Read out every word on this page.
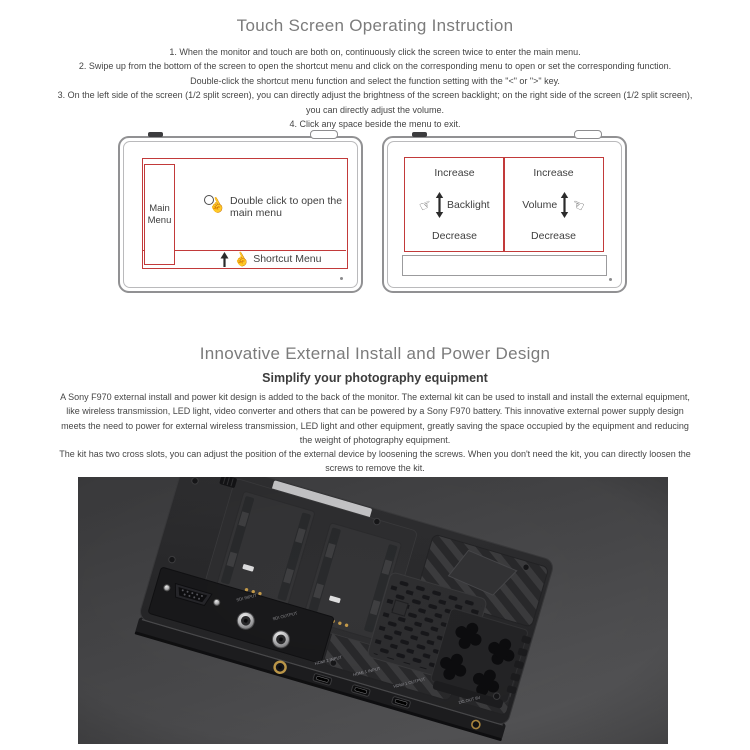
Touch Screen Operating Instruction
1. When the monitor and touch are both on, continuously click the screen twice to enter the main menu.
2. Swipe up from the bottom of the screen to open the shortcut menu and click on the corresponding menu to open or set the corresponding function.
Double-click the shortcut menu function and select the function setting with the "<" or ">" key.
3. On the left side of the screen (1/2 split screen), you can directly adjust the brightness of the screen backlight; on the right side of the screen (1/2 split screen), you can directly adjust the volume.
4. Click any space beside the menu to exit.
Main Menu
☝ Double click to open the main menu
☝ Shortcut Menu
Increase
☞ Backlight
Decrease
Increase
Volume ☜
Decrease
Innovative External Install and Power Design
Simplify your photography equipment
A Sony F970 external install and power kit design is added to the back of the monitor. The external kit can be used to install and install the external equipment, like wireless transmission, LED light, video converter and others that can be powered by a Sony F970 battery. This innovative external power supply design meets the need to power for external wireless transmission, LED light and other equipment, greatly saving the space occupied by the equipment and reducing the weight of photography equipment.
The kit has two cross slots, you can adjust the position of the external device by loosening the screws. When you don't need the kit, you can directly loosen the screws to remove the kit.
